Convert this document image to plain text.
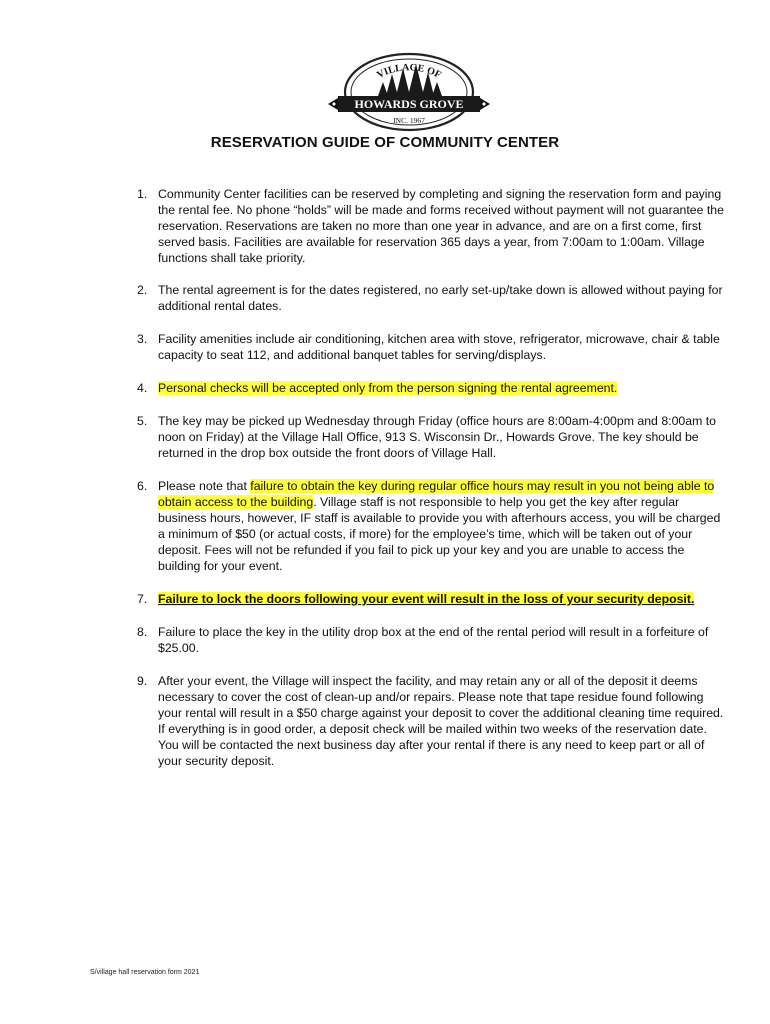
VILLAGE OF
HOWARDS GROVE
INC. 1967
RESERVATION GUIDE OF COMMUNITY CENTER
1. Community Center facilities can be reserved by completing and signing the reservation form and paying the rental fee. No phone “holds” will be made and forms received without payment will not guarantee the reservation. Reservations are taken no more than one year in advance, and are on a first come, first served basis. Facilities are available for reservation 365 days a year, from 7:00am to 1:00am. Village functions shall take priority.
2. The rental agreement is for the dates registered, no early set-up/take down is allowed without paying for additional rental dates.
3. Facility amenities include air conditioning, kitchen area with stove, refrigerator, microwave, chair & table capacity to seat 112, and additional banquet tables for serving/displays.
4. Personal checks will be accepted only from the person signing the rental agreement.
5. The key may be picked up Wednesday through Friday (office hours are 8:00am-4:00pm and 8:00am to noon on Friday) at the Village Hall Office, 913 S. Wisconsin Dr., Howards Grove. The key should be returned in the drop box outside the front doors of Village Hall.
6. Please note that failure to obtain the key during regular office hours may result in you not being able to obtain access to the building. Village staff is not responsible to help you get the key after regular business hours, however, IF staff is available to provide you with afterhours access, you will be charged a minimum of $50 (or actual costs, if more) for the employee’s time, which will be taken out of your deposit. Fees will not be refunded if you fail to pick up your key and you are unable to access the building for your event.
7. Failure to lock the doors following your event will result in the loss of your security deposit.
8. Failure to place the key in the utility drop box at the end of the rental period will result in a forfeiture of $25.00.
9. After your event, the Village will inspect the facility, and may retain any or all of the deposit it deems necessary to cover the cost of clean-up and/or repairs. Please note that tape residue found following your rental will result in a $50 charge against your deposit to cover the additional cleaning time required. If everything is in good order, a deposit check will be mailed within two weeks of the reservation date. You will be contacted the next business day after your rental if there is any need to keep part or all of your security deposit.
S/village hall reservation form 2021
